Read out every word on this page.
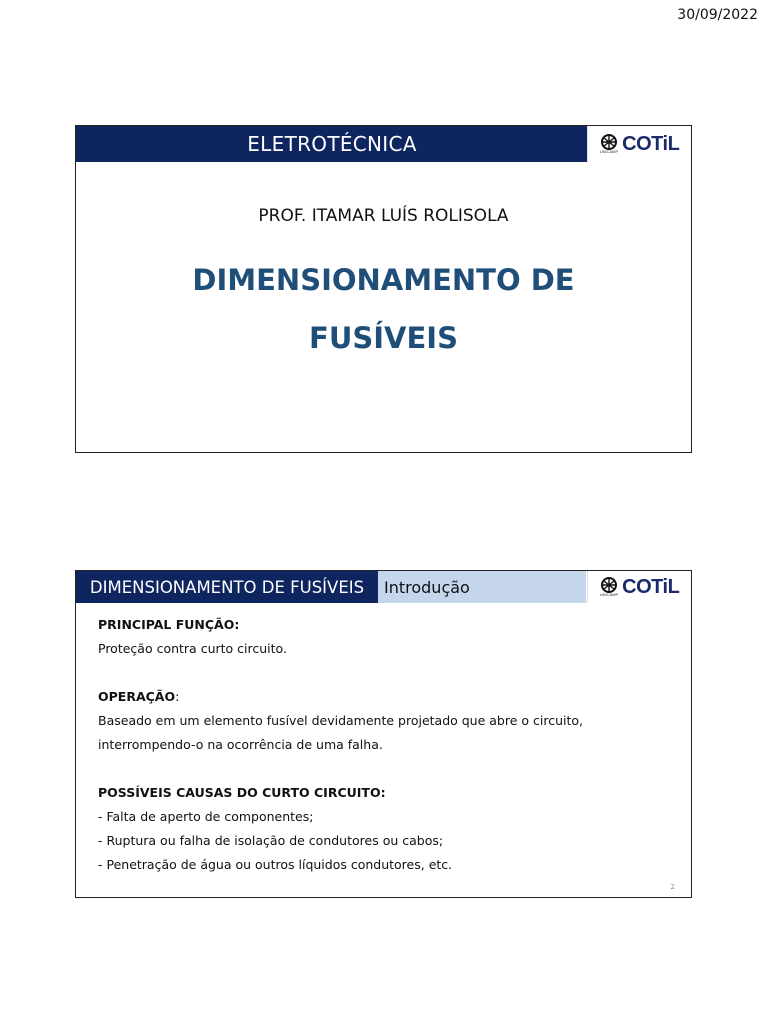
30/09/2022
ELETROTÉCNICA	UNICAMP COTiL
PROF. ITAMAR LUÍS ROLISOLA
DIMENSIONAMENTO DE
FUSÍVEIS
DIMENSIONAMENTO DE FUSÍVEIS	Introdução	UNICAMP COTiL
PRINCIPAL FUNÇÃO:
Proteção contra curto circuito.
OPERAÇÃO:
Baseado em um elemento fusível devidamente projetado que abre o circuito,
interrompendo-o na ocorrência de uma falha.
POSSÍVEIS CAUSAS DO CURTO CIRCUITO:
- Falta de aperto de componentes;
- Ruptura ou falha de isolação de condutores ou cabos;
- Penetração de água ou outros líquidos condutores, etc.
2
